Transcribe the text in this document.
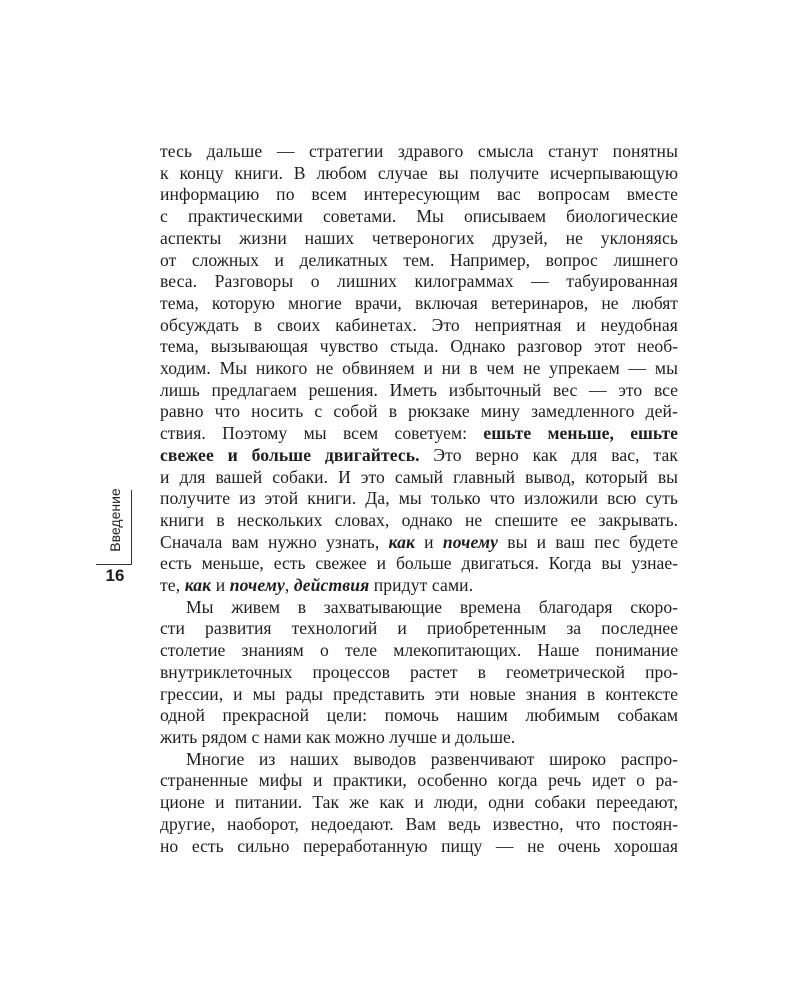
тесь дальше — стратегии здравого смысла станут понятны
к концу книги. В любом случае вы получите исчерпывающую
информацию по всем интересующим вас вопросам вместе
с практическими советами. Мы описываем биологические
аспекты жизни наших четвероногих друзей, не уклоняясь
от сложных и деликатных тем. Например, вопрос лишнего
веса. Разговоры о лишних килограммах — табуированная
тема, которую многие врачи, включая ветеринаров, не любят
обсуждать в своих кабинетах. Это неприятная и неудобная
тема, вызывающая чувство стыда. Однако разговор этот необ-
ходим. Мы никого не обвиняем и ни в чем не упрекаем — мы
лишь предлагаем решения. Иметь избыточный вес — это все
равно что носить с собой в рюкзаке мину замедленного дей-
ствия. Поэтому мы всем советуем: ешьте меньше, ешьте
свежее и больше двигайтесь. Это верно как для вас, так
и для вашей собаки. И это самый главный вывод, который вы
получите из этой книги. Да, мы только что изложили всю суть
книги в нескольких словах, однако не спешите ее закрывать.
Сначала вам нужно узнать, как и почему вы и ваш пес будете
есть меньше, есть свежее и больше двигаться. Когда вы узнае-
те, как и почему, действия придут сами.

Мы живем в захватывающие времена благодаря скоро-
сти развития технологий и приобретенным за последнее
столетие знаниям о теле млекопитающих. Наше понимание
внутриклеточных процессов растет в геометрической про-
грессии, и мы рады представить эти новые знания в контексте
одной прекрасной цели: помочь нашим любимым собакам
жить рядом с нами как можно лучше и дольше.

Многие из наших выводов развенчивают широко распро-
страненные мифы и практики, особенно когда речь идет о ра-
ционе и питании. Так же как и люди, одни собаки переедают,
другие, наоборот, недоедают. Вам ведь известно, что постоян-
но есть сильно переработанную пищу — не очень хорошая

Введение
16
